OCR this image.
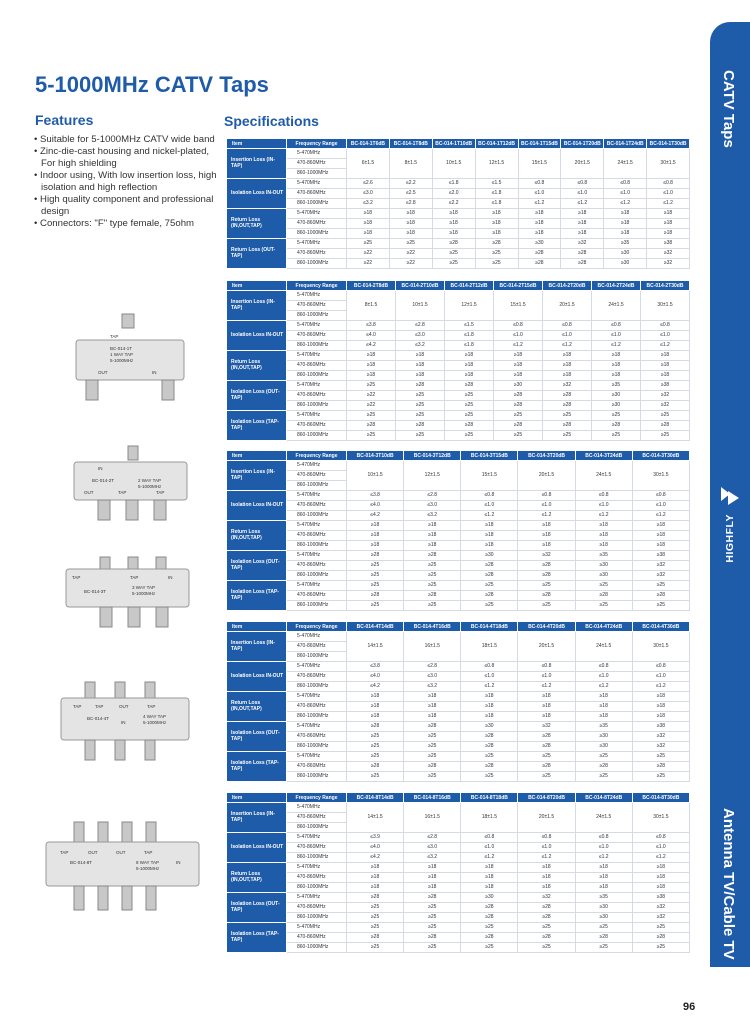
5-1000MHz CATV Taps
Features
• Suitable for 5-1000MHz CATV wide band
• Zinc-die-cast housing and nickel-plated, For high shielding
• Indoor using, With low insertion loss, high isolation and high reflection
• High quality component and professional design
• Connectors: "F" type female, 75ohm
Specifications
Item	Frequency Range	BC-014-1T6dB	BC-014-1T8dB	BC-014-1T10dB	BC-014-1T12dB	BC-014-1T15dB	BC-014-1T20dB	BC-014-1T24dB	BC-014-1T30dB
Insertion Loss (IN-TAP)	5-470MHz	6±1.5	8±1.5	10±1.5	12±1.5	15±1.5	20±1.5	24±1.5	30±1.5
	470-860MHz								
	860-1000MHz								
Isolation Loss IN-OUT	5-470MHz	≤2.6	≤2.2	≤1.8	≤1.5	≤0.8	≤0.8	≤0.8	≤0.8
	470-860MHz	≤3.0	≤2.5	≤2.0	≤1.8	≤1.0	≤1.0	≤1.0	≤1.0
	860-1000MHz	≤3.2	≤2.8	≤2.2	≤1.8	≤1.2	≤1.2	≤1.2	≤1.2
Return Loss (IN,OUT,TAP)	5-470MHz	≥18	≥18	≥18	≥18	≥18	≥18	≥18	≥18
	470-860MHz	≥18	≥18	≥18	≥18	≥18	≥18	≥18	≥18
	860-1000MHz	≥18	≥18	≥18	≥18	≥18	≥18	≥18	≥18
Return Loss (OUT-TAP)	5-470MHz	≥25	≥25	≥28	≥28	≥30	≥32	≥35	≥38
	470-860MHz	≥22	≥22	≥25	≥25	≥28	≥28	≥30	≥32
	860-1000MHz	≥22	≥22	≥25	≥25	≥28	≥28	≥30	≥32
Item	Frequency Range	BC-014-2T8dB	BC-014-2T10dB	BC-014-2T12dB	BC-014-2T15dB	BC-014-2T20dB	BC-014-2T24dB	BC-014-2T30dB
Insertion Loss (IN-TAP)	5-470MHz	8±1.5	10±1.5	12±1.5	15±1.5	20±1.5	24±1.5	30±1.5
	470-860MHz							
	860-1000MHz							
Isolation Loss IN-OUT	5-470MHz	≤3.8	≤2.8	≤1.5	≤0.8	≤0.8	≤0.8	≤0.8
	470-860MHz	≤4.0	≤3.0	≤1.8	≤1.0	≤1.0	≤1.0	≤1.0
	860-1000MHz	≤4.2	≤3.2	≤1.8	≤1.2	≤1.2	≤1.2	≤1.2
Return Loss (IN,OUT,TAP)	5-470MHz	≥18	≥18	≥18	≥18	≥18	≥18	≥18
	470-860MHz	≥18	≥18	≥18	≥18	≥18	≥18	≥18
	860-1000MHz	≥18	≥18	≥18	≥18	≥18	≥18	≥18
Isolation Loss (OUT-TAP)	5-470MHz	≥25	≥28	≥28	≥30	≥32	≥35	≥38
	470-860MHz	≥22	≥25	≥25	≥28	≥28	≥30	≥32
	860-1000MHz	≥22	≥25	≥25	≥28	≥28	≥30	≥32
Isolation Loss (TAP-TAP)	5-470MHz	≥25	≥25	≥25	≥25	≥25	≥25	≥25
	470-860MHz	≥28	≥28	≥28	≥28	≥28	≥28	≥28
	860-1000MHz	≥25	≥25	≥25	≥25	≥25	≥25	≥25
Item	Frequency Range	BC-014-3T10dB	BC-014-3T12dB	BC-014-3T15dB	BC-014-3T20dB	BC-014-3T24dB	BC-014-3T30dB
Insertion Loss (IN-TAP)	5-470MHz	10±1.5	12±1.5	15±1.5	20±1.5	24±1.5	30±1.5
	470-860MHz						
	860-1000MHz						
Isolation Loss IN-OUT	5-470MHz	≤3.8	≤2.8	≤0.8	≤0.8	≤0.8	≤0.8
	470-860MHz	≤4.0	≤3.0	≤1.0	≤1.0	≤1.0	≤1.0
	860-1000MHz	≤4.2	≤3.2	≤1.2	≤1.2	≤1.2	≤1.2
Return Loss (IN,OUT,TAP)	5-470MHz	≥18	≥18	≥18	≥18	≥18	≥18
	470-860MHz	≥18	≥18	≥18	≥18	≥18	≥18
	860-1000MHz	≥18	≥18	≥18	≥18	≥18	≥18
Isolation Loss (OUT-TAP)	5-470MHz	≥28	≥28	≥30	≥32	≥35	≥38
	470-860MHz	≥25	≥25	≥28	≥28	≥30	≥32
	860-1000MHz	≥25	≥25	≥28	≥28	≥30	≥32
Isolation Loss (TAP-TAP)	5-470MHz	≥25	≥25	≥25	≥25	≥25	≥25
	470-860MHz	≥28	≥28	≥28	≥28	≥28	≥28
	860-1000MHz	≥25	≥25	≥25	≥25	≥25	≥25
Item	Frequency Range	BC-014-4T14dB	BC-014-4T16dB	BC-014-4T18dB	BC-014-4T20dB	BC-014-4T24dB	BC-014-4T30dB
Insertion Loss (IN-TAP)	5-470MHz	14±1.5	16±1.5	18±1.5	20±1.5	24±1.5	30±1.5
	470-860MHz						
	860-1000MHz						
Isolation Loss IN-OUT	5-470MHz	≤3.8	≤2.8	≤0.8	≤0.8	≤0.8	≤0.8
	470-860MHz	≤4.0	≤3.0	≤1.0	≤1.0	≤1.0	≤1.0
	860-1000MHz	≤4.2	≤3.2	≤1.2	≤1.2	≤1.2	≤1.2
Return Loss (IN,OUT,TAP)	5-470MHz	≥18	≥18	≥18	≥18	≥18	≥18
	470-860MHz	≥18	≥18	≥18	≥18	≥18	≥18
	860-1000MHz	≥18	≥18	≥18	≥18	≥18	≥18
Isolation Loss (OUT-TAP)	5-470MHz	≥28	≥28	≥30	≥32	≥35	≥38
	470-860MHz	≥25	≥25	≥28	≥28	≥30	≥32
	860-1000MHz	≥25	≥25	≥28	≥28	≥30	≥32
Isolation Loss (TAP-TAP)	5-470MHz	≥25	≥25	≥25	≥25	≥25	≥25
	470-860MHz	≥28	≥28	≥28	≥28	≥28	≥28
	860-1000MHz	≥25	≥25	≥25	≥25	≥25	≥25
Item	Frequency Range	BC-014-8T14dB	BC-014-8T16dB	BC-014-8T18dB	BC-014-8T20dB	BC-014-8T24dB	BC-014-8T30dB
Insertion Loss (IN-TAP)	5-470MHz	14±1.5	16±1.5	18±1.5	20±1.5	24±1.5	30±1.5
	470-860MHz						
	860-1000MHz						
Isolation Loss IN-OUT	5-470MHz	≤3.9	≤2.8	≤0.8	≤0.8	≤0.8	≤0.8
	470-860MHz	≤4.0	≤3.0	≤1.0	≤1.0	≤1.0	≤1.0
	860-1000MHz	≤4.2	≤3.2	≤1.2	≤1.2	≤1.2	≤1.2
Return Loss (IN,OUT,TAP)	5-470MHz	≥18	≥18	≥18	≥18	≥18	≥18
	470-860MHz	≥18	≥18	≥18	≥18	≥18	≥18
	860-1000MHz	≥18	≥18	≥18	≥18	≥18	≥18
Isolation Loss (OUT-TAP)	5-470MHz	≥28	≥28	≥30	≥32	≥35	≥38
	470-860MHz	≥25	≥25	≥28	≥28	≥30	≥32
	860-1000MHz	≥25	≥25	≥28	≥28	≥30	≥32
Isolation Loss (TAP-TAP)	5-470MHz	≥25	≥25	≥25	≥25	≥25	≥25
	470-860MHz	≥28	≥28	≥28	≥28	≥28	≥28
	860-1000MHz	≥25	≥25	≥25	≥25	≥25	≥25
TAP
BC-014-1T
1 WAY TAP
5-1000MHz
OUT	IN
IN
BC-014-2T	2 WAY TAP
5-1000MHz
OUT	TAP	TAP
TAP	TAP
BC-014-3T
3 WAY TAP
5-1000MHz
IN
TAP	TAP	OUT	TAP
BC-014-4T
IN
4 WAY TAP
5-1000MHz
TAP	OUT	OUT	TAP
BC-014-8T	8 WAY TAP
5-1000MHz
IN
CATV Taps
HIGHFLY
Antenna TV/Cable TV
96
